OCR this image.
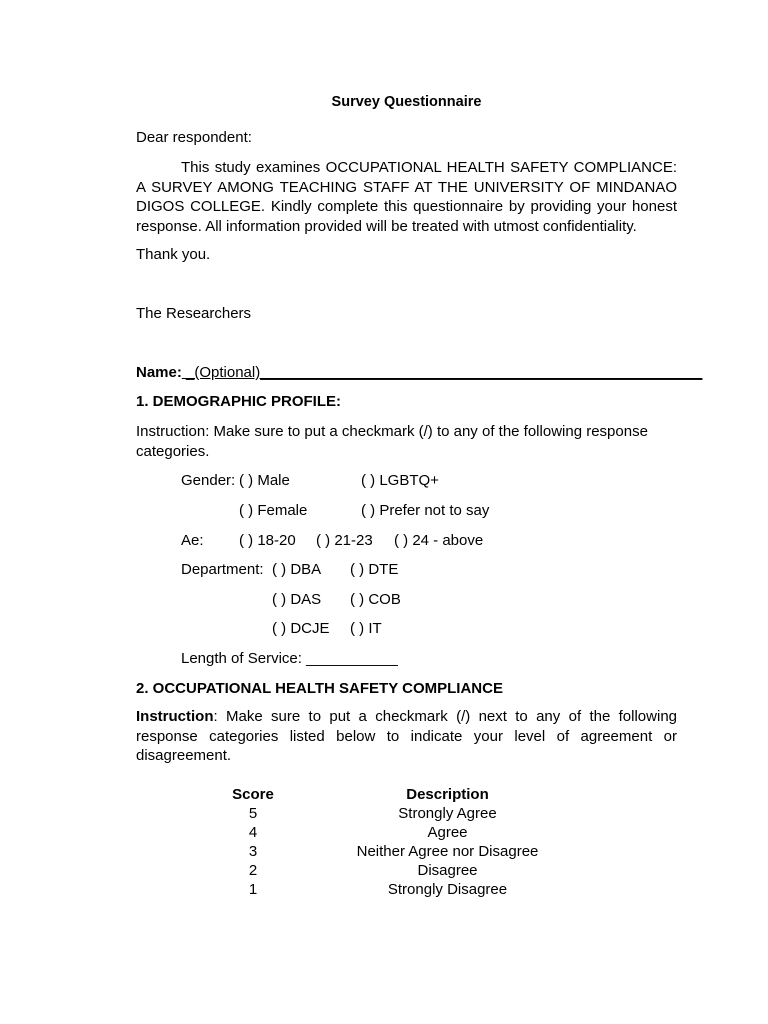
Survey Questionnaire
Dear respondent:
This study examines OCCUPATIONAL HEALTH SAFETY COMPLIANCE: A SURVEY AMONG TEACHING STAFF AT THE UNIVERSITY OF MINDANAO DIGOS COLLEGE. Kindly complete this questionnaire by providing your honest response. All information provided will be treated with utmost confidentiality.
Thank you.
The Researchers
Name: _(Optional)_____________________________________________________
1. DEMOGRAPHIC PROFILE:
Instruction: Make sure to put a checkmark (/) to any of the following response categories.
Gender: ( ) Male	( ) LGBTQ+
( ) Female	( ) Prefer not to say
Ae: ( ) 18-20 ( ) 21-23 ( ) 24 - above
Department: ( ) DBA ( ) DTE
( ) DAS ( ) COB
( ) DCJE ( ) IT
Length of Service: ___________
2. OCCUPATIONAL HEALTH SAFETY COMPLIANCE
Instruction: Make sure to put a checkmark (/) next to any of the following response categories listed below to indicate your level of agreement or disagreement.
Score	Description
5	Strongly Agree
4	Agree
3	Neither Agree nor Disagree
2	Disagree
1	Strongly Disagree
